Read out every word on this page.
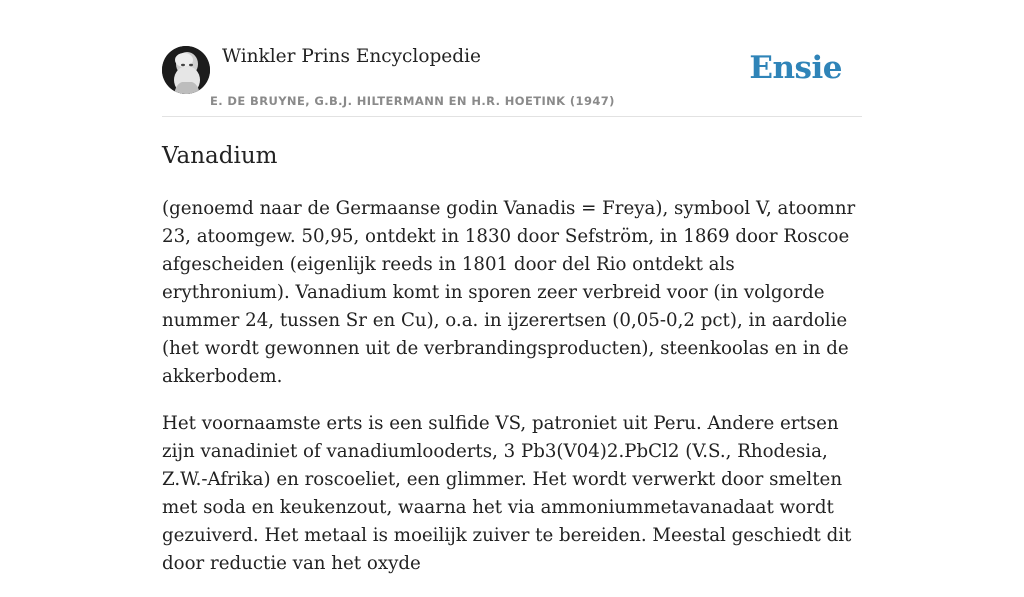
Winkler Prins Encyclopedie
E. DE BRUYNE, G.B.J. HILTERMANN EN H.R. HOETINK (1947)
Ensie
Vanadium

(genoemd naar de Germaanse godin Vanadis = Freya), symbool V, atoomnr 23, atoomgew. 50,95, ontdekt in 1830 door Sefström, in 1869 door Roscoe afgescheiden (eigenlijk reeds in 1801 door del Rio ontdekt als erythronium). Vanadium komt in sporen zeer verbreid voor (in volgorde nummer 24, tussen Sr en Cu), o.a. in ijzerertsen (0,05-0,2 pct), in aardolie (het wordt gewonnen uit de verbrandingsproducten), steenkoolas en in de akkerbodem.

Het voornaamste erts is een sulfide VS, patroniet uit Peru. Andere ertsen zijn vanadiniet of vanadiumlooderts, 3 Pb3(V04)2.PbCl2 (V.S., Rhodesia, Z.W.-Afrika) en roscoeliet, een glimmer. Het wordt verwerkt door smelten met soda en keukenzout, waarna het via ammoniummetavanadaat wordt gezuiverd. Het metaal is moeilijk zuiver te bereiden. Meestal geschiedt dit door reductie van het oxyde
